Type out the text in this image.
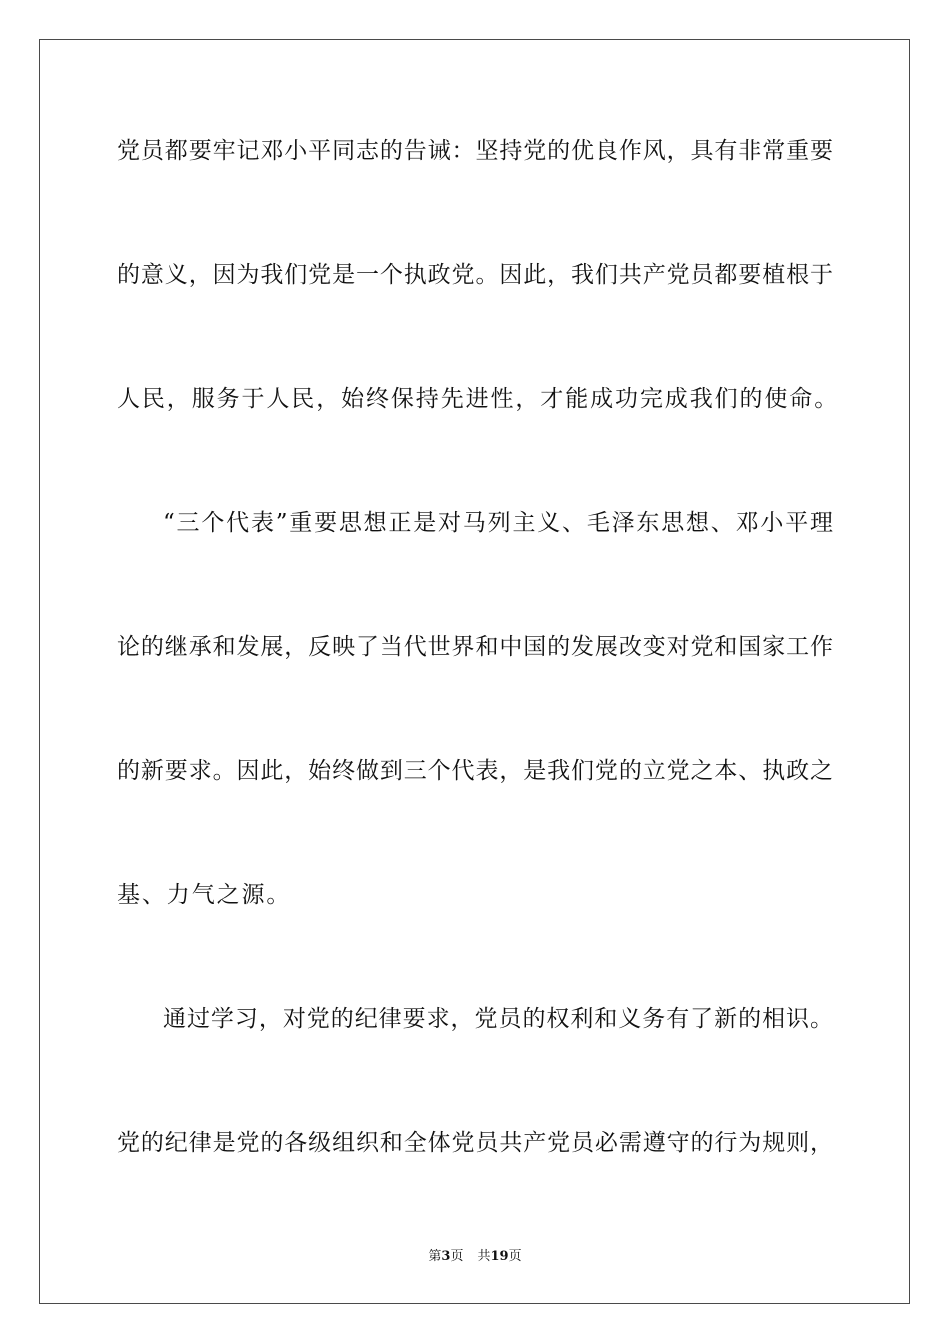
党员都要牢记邓小平同志的告诫：坚持党的优良作风，具有非常重要
的意义，因为我们党是一个执政党。因此，我们共产党员都要植根于
人民，服务于人民，始终保持先进性，才能成功完成我们的使命。
“三个代表”重要思想正是对马列主义、毛泽东思想、邓小平理
论的继承和发展，反映了当代世界和中国的发展改变对党和国家工作
的新要求。因此，始终做到三个代表，是我们党的立党之本、执政之
基、力气之源。
通过学习，对党的纪律要求，党员的权利和义务有了新的相识。
党的纪律是党的各级组织和全体党员共产党员必需遵守的行为规则，
第3页 共19页
